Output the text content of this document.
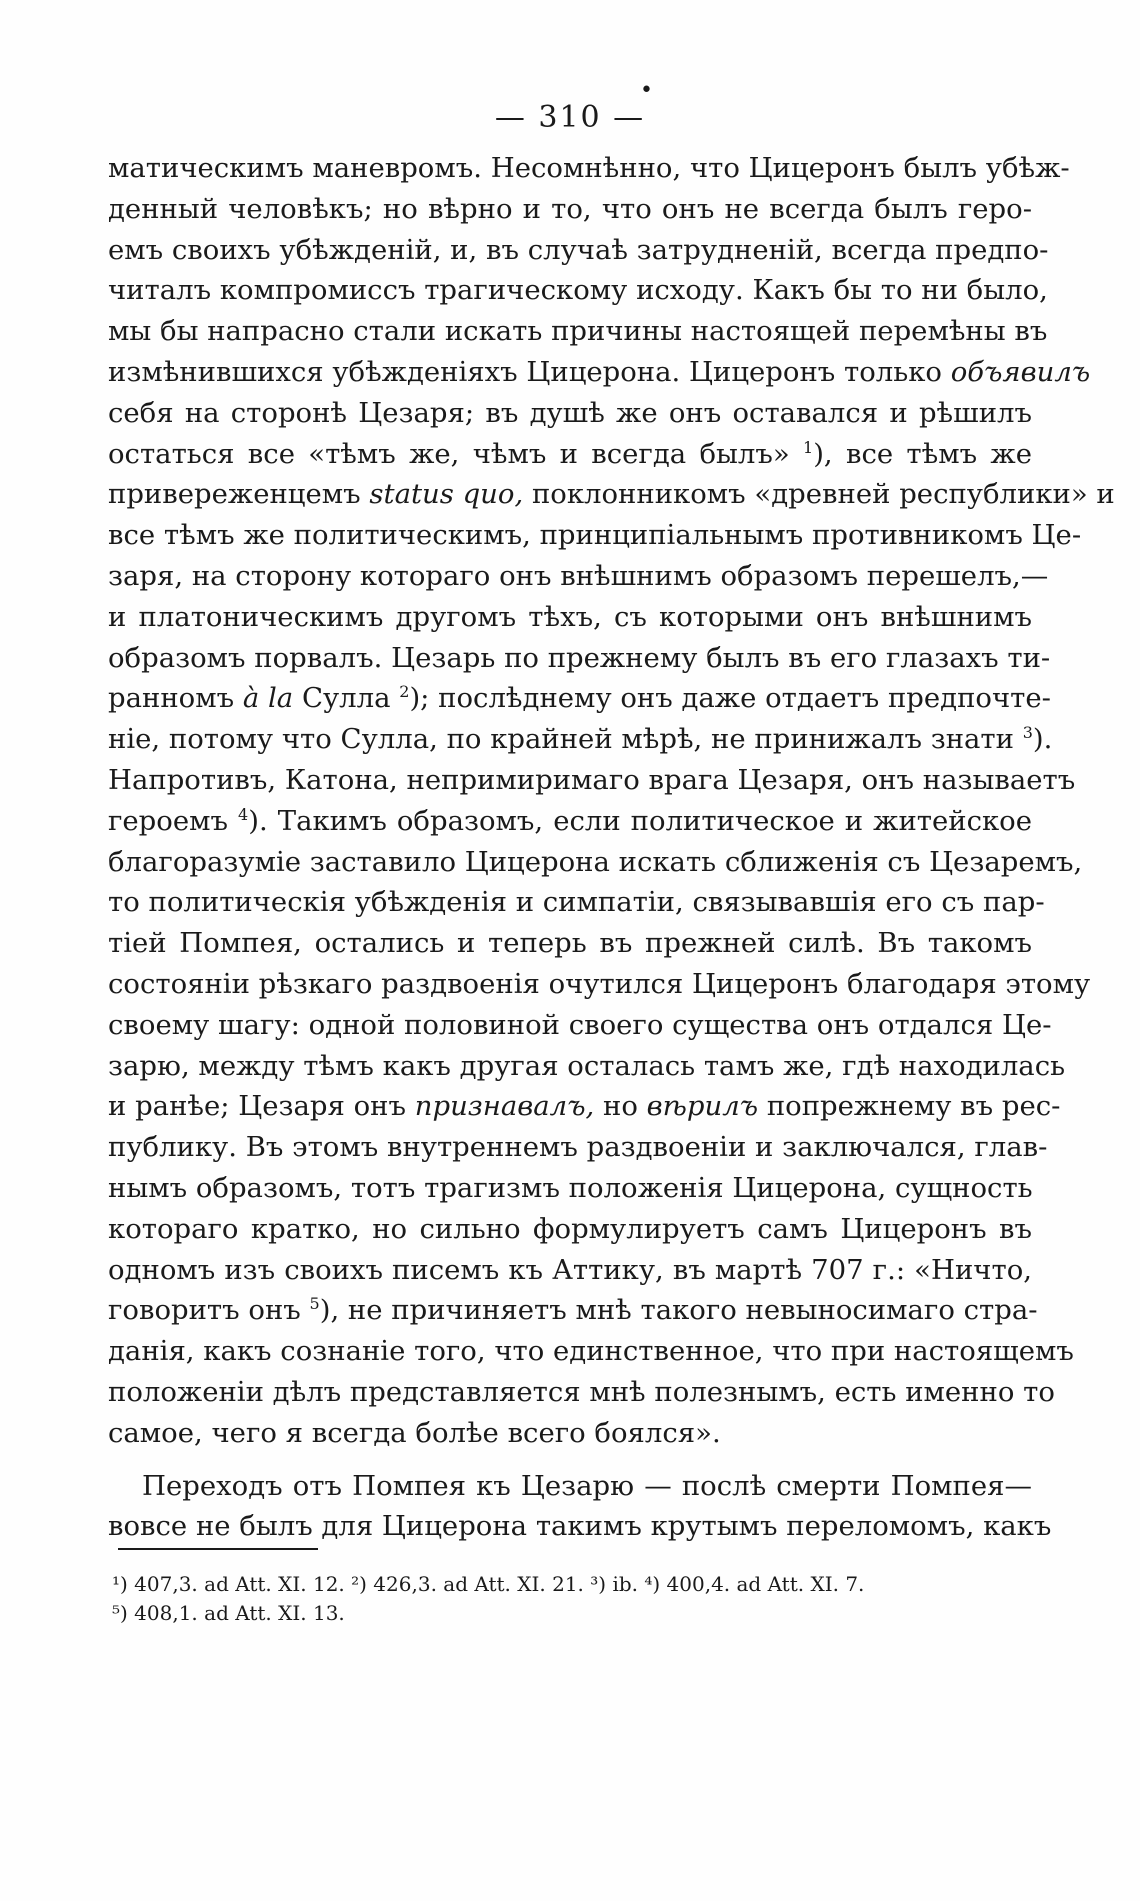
•
— 310 —
матическимъ маневромъ. Несомнѣнно, что Цицеронъ былъ убѣж-
денный человѣкъ; но вѣрно и то, что онъ не всегда былъ геро-
емъ своихъ убѣжденій, и, въ случаѣ затрудненій, всегда предпо-
читалъ компромиссъ трагическому исходу. Какъ бы то ни было,
мы бы напрасно стали искать причины настоящей перемѣны въ
измѣнившихся убѣжденіяхъ Цицерона. Цицеронъ только объявилъ
себя на сторонѣ Цезаря; въ душѣ же онъ оставался и рѣшилъ
остаться все «тѣмъ же, чѣмъ и всегда былъ» $^1$), все тѣмъ же
привереженцемъ status quo, поклонникомъ «древней республики» и
все тѣмъ же политическимъ, принципіальнымъ противникомъ Це-
заря, на сторону котораго онъ внѣшнимъ образомъ перешелъ,—
и платоническимъ другомъ тѣхъ, съ которыми онъ внѣшнимъ
образомъ порвалъ. Цезарь по прежнему былъ въ его глазахъ ти-
ранномъ à la Сулла $^2$); послѣднему онъ даже отдаетъ предпочте-
ніе, потому что Сулла, по крайней мѣрѣ, не принижалъ знати $^3$).
Напротивъ, Катона, непримиримаго врага Цезаря, онъ называетъ
героемъ $^4$). Такимъ образомъ, если политическое и житейское
благоразуміе заставило Цицерона искать сближенія съ Цезаремъ,
то политическія убѣжденія и симпатіи, связывавшія его съ пар-
тіей Помпея, остались и теперь въ прежней силѣ. Въ такомъ
состояніи рѣзкаго раздвоенія очутился Цицеронъ благодаря этому
своему шагу: одной половиной своего существа онъ отдался Це-
зарю, между тѣмъ какъ другая осталась тамъ же, гдѣ находилась
и ранѣе; Цезаря онъ признавалъ, но вѣрилъ попрежнему въ рес-
публику. Въ этомъ внутреннемъ раздвоеніи и заключался, глав-
нымъ образомъ, тотъ трагизмъ положенія Цицерона, сущность
котораго кратко, но сильно формулируетъ самъ Цицеронъ въ
одномъ изъ своихъ писемъ къ Аттику, въ мартѣ 707 г.: «Ничто,
говоритъ онъ $^5$), не причиняетъ мнѣ такого невыносимаго стра-
данія, какъ сознаніе того, что единственное, что при настоящемъ
положеніи дѣлъ представляется мнѣ полезнымъ, есть именно то
самое, чего я всегда болѣе всего боялся».
Переходъ отъ Помпея къ Цезарю — послѣ смерти Помпея—
вовсе не былъ для Цицерона такимъ крутымъ переломомъ, какъ
¹) 407,3. ad Att. XI. 12. ²) 426,3. ad Att. XI. 21. ³) ib. ⁴) 400,4. ad Att. XI. 7.
⁵) 408,1. ad Att. XI. 13.
